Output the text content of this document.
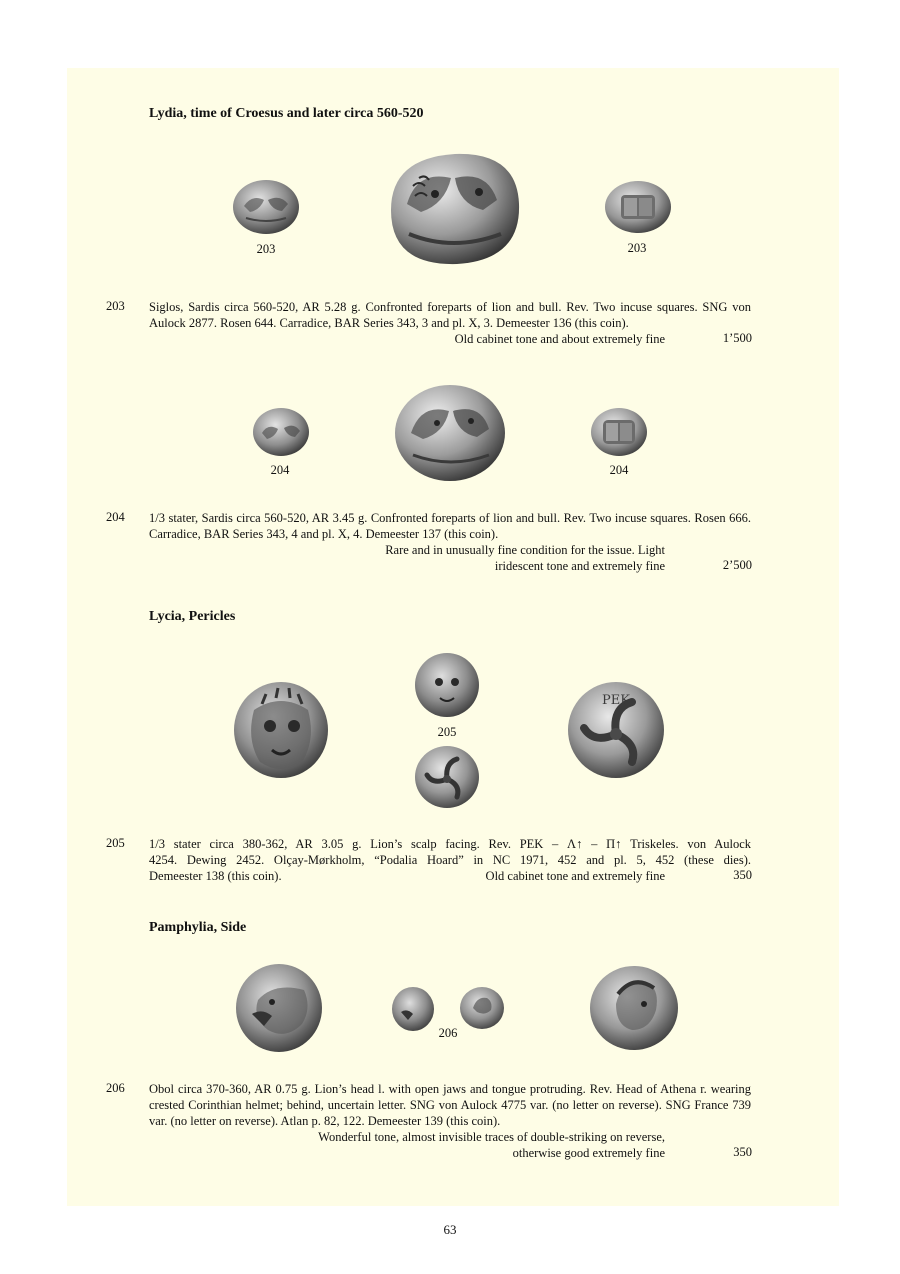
Lydia, time of Croesus and later circa 560-520
203	203
203 Siglos, Sardis circa 560-520, AR 5.28 g. Confronted foreparts of lion and bull. Rev. Two incuse squares. SNG von Aulock 2877. Rosen 644. Carradice, BAR Series 343, 3 and pl. X, 3. Demeester 136 (this coin).

Old cabinet tone and about extremely fine	1’500
204	204
204 1/3 stater, Sardis circa 560-520, AR 3.45 g. Confronted foreparts of lion and bull. Rev. Two incuse squares. Rosen 666. Carradice, BAR Series 343, 4 and pl. X, 4. Demeester 137 (this coin).

Rare and in unusually fine condition for the issue. Light
iridescent tone and extremely fine	2’500
Lycia, Pericles
205
PEK
205 1/3 stater circa 380-362, AR 3.05 g. Lion’s scalp facing. Rev. PEK – Λ↑ – Π↑ Triskeles. von Aulock

4254. Dewing 2452. Olçay-Mørkholm, “Podalia Hoard” in NC 1971, 452 and pl. 5, 452 (these dies).

Demeester 138 (this coin).	Old cabinet tone and extremely fine	350
Pamphylia, Side
206
206 Obol circa 370-360, AR 0.75 g. Lion’s head l. with open jaws and tongue protruding. Rev. Head of Athena r. wearing crested Corinthian helmet; behind, uncertain letter. SNG von Aulock 4775 var. (no letter on reverse). SNG France 739 var. (no letter on reverse). Atlan p. 82, 122. Demeester 139 (this coin).

Wonderful tone, almost invisible traces of double-striking on reverse,
otherwise good extremely fine	350
63
